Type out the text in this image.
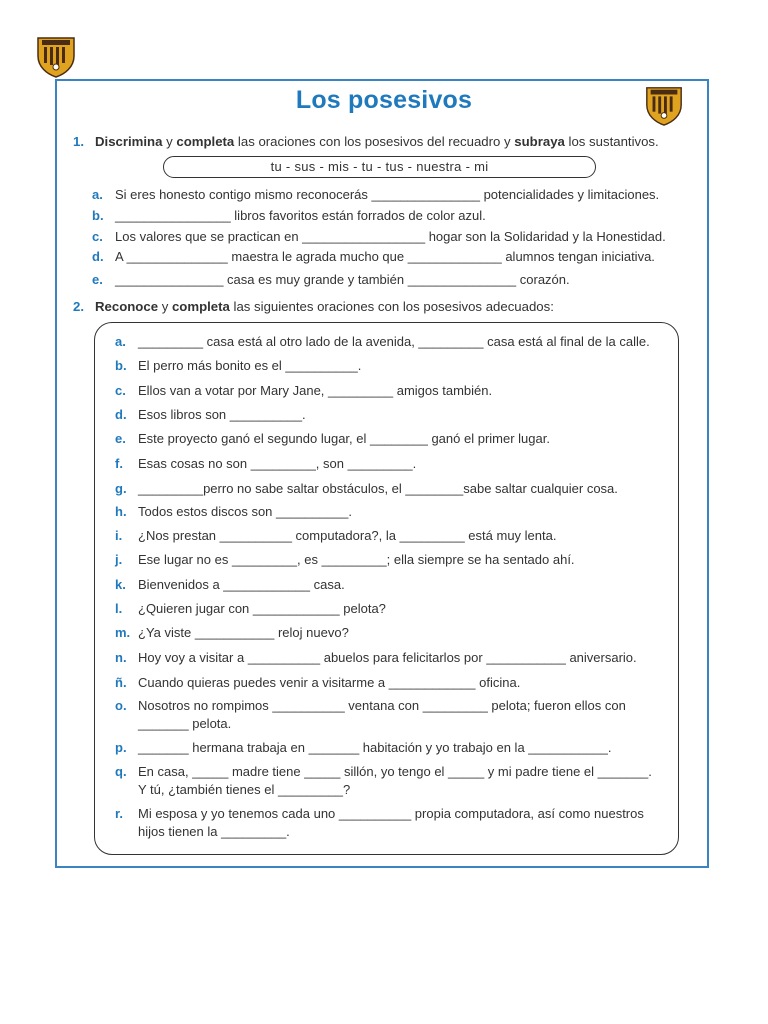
Los posesivos
1. Discrimina y completa las oraciones con los posesivos del recuadro y subraya los sustantivos.
tu - sus - mis - tu - tus - nuestra - mi
a. Si eres honesto contigo mismo reconocerás _______________ potencialidades y limitaciones.
b. ________________ libros favoritos están forrados de color azul.
c. Los valores que se practican en _________________ hogar son la Solidaridad y la Honestidad.
d. A ______________ maestra le agrada mucho que _____________ alumnos tengan iniciativa.
e. _______________ casa es muy grande y también _______________ corazón.
2. Reconoce y completa las siguientes oraciones con los posesivos adecuados:
a. _________ casa está al otro lado de la avenida, _________ casa está al final de la calle.
b. El perro más bonito es el __________.
c. Ellos van a votar por Mary Jane, _________ amigos también.
d. Esos libros son __________.
e. Este proyecto ganó el segundo lugar, el ________ ganó el primer lugar.
f. Esas cosas no son _________, son _________.
g. _________perro no sabe saltar obstáculos, el ________sabe saltar cualquier cosa.
h. Todos estos discos son __________.
i. ¿Nos prestan __________ computadora?, la _________ está muy lenta.
j. Ese lugar no es _________, es _________; ella siempre se ha sentado ahí.
k. Bienvenidos a ____________ casa.
l. ¿Quieren jugar con ____________ pelota?
m. ¿Ya viste ___________ reloj nuevo?
n. Hoy voy a visitar a __________ abuelos para felicitarlos por ___________ aniversario.
ñ. Cuando quieras puedes venir a visitarme a ____________ oficina.
o. Nosotros no rompimos __________ ventana con _________ pelota; fueron ellos con
_______ pelota.
p. _______ hermana trabaja en _______ habitación y yo trabajo en la ___________.
q. En casa, _____ madre tiene _____ sillón, yo tengo el _____ y mi padre tiene el _______.
Y tú, ¿también tienes el _________?
r. Mi esposa y yo tenemos cada uno __________ propia computadora, así como nuestros
hijos tienen la _________.
